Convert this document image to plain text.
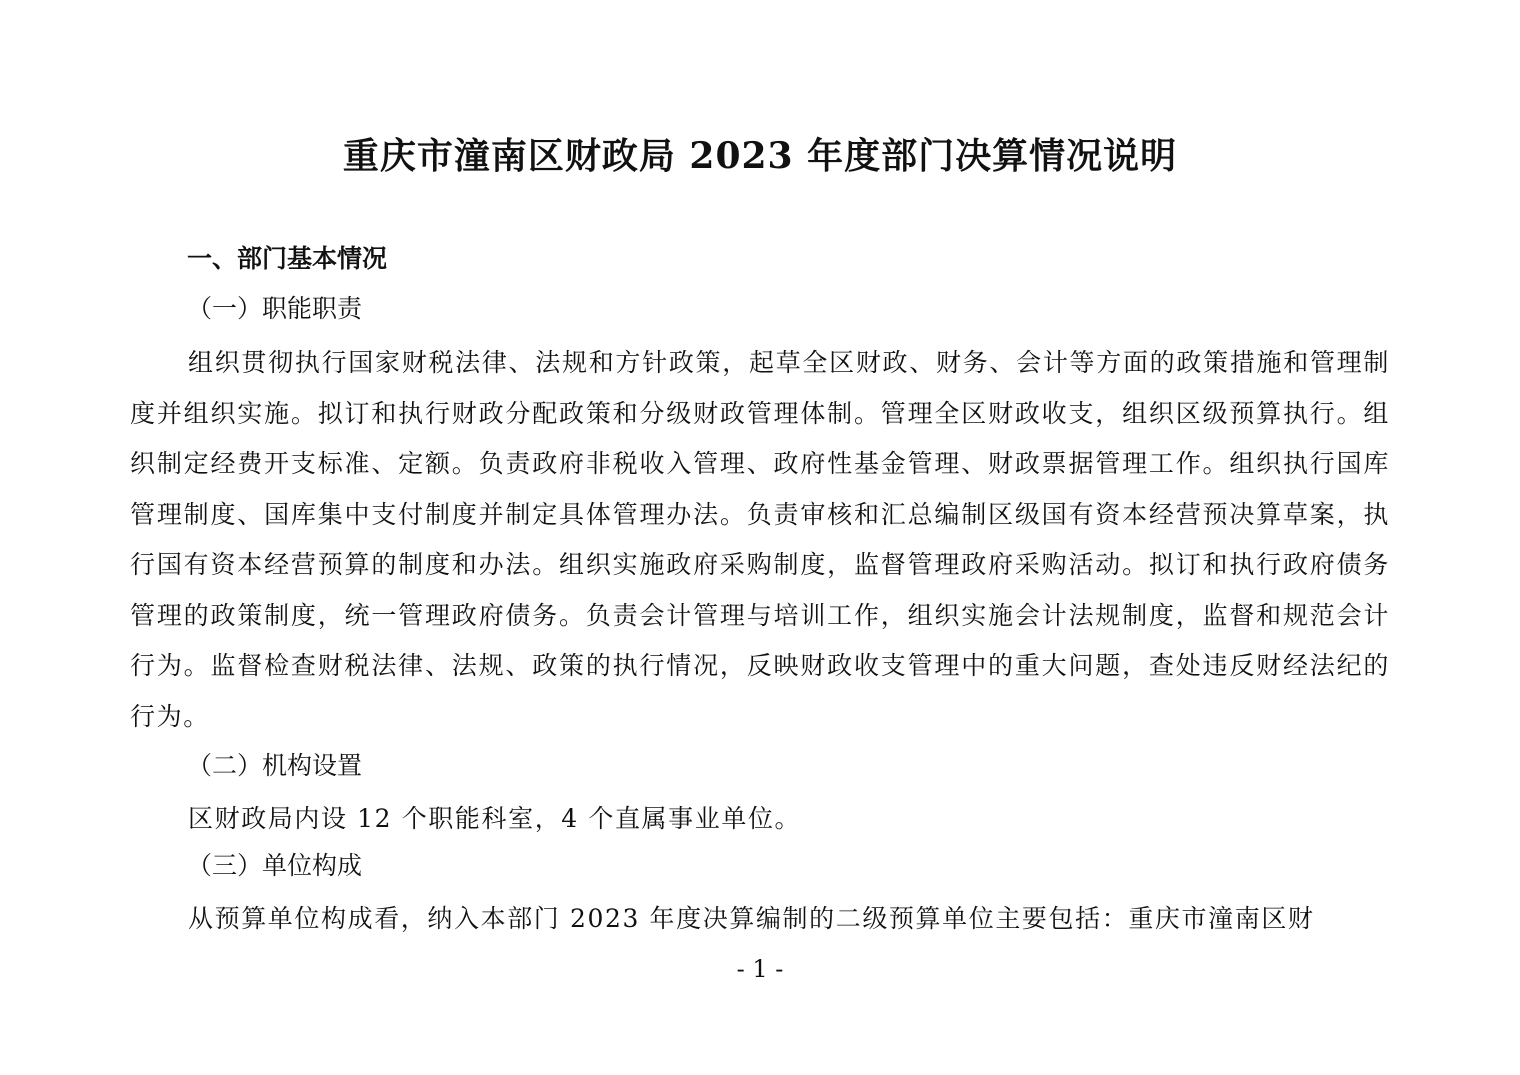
重庆市潼南区财政局 2023 年度部门决算情况说明
一、部门基本情况
（一）职能职责
组织贯彻执行国家财税法律、法规和方针政策，起草全区财政、财务、会计等方面的政策措施和管理制度并组织实施。拟订和执行财政分配政策和分级财政管理体制。管理全区财政收支，组织区级预算执行。组织制定经费开支标准、定额。负责政府非税收入管理、政府性基金管理、财政票据管理工作。组织执行国库管理制度、国库集中支付制度并制定具体管理办法。负责审核和汇总编制区级国有资本经营预决算草案，执行国有资本经营预算的制度和办法。组织实施政府采购制度，监督管理政府采购活动。拟订和执行政府债务管理的政策制度，统一管理政府债务。负责会计管理与培训工作，组织实施会计法规制度，监督和规范会计行为。监督检查财税法律、法规、政策的执行情况，反映财政收支管理中的重大问题，查处违反财经法纪的行为。
（二）机构设置
区财政局内设 12 个职能科室，4 个直属事业单位。
（三）单位构成
从预算单位构成看，纳入本部门 2023 年度决算编制的二级预算单位主要包括：重庆市潼南区财
- 1 -
